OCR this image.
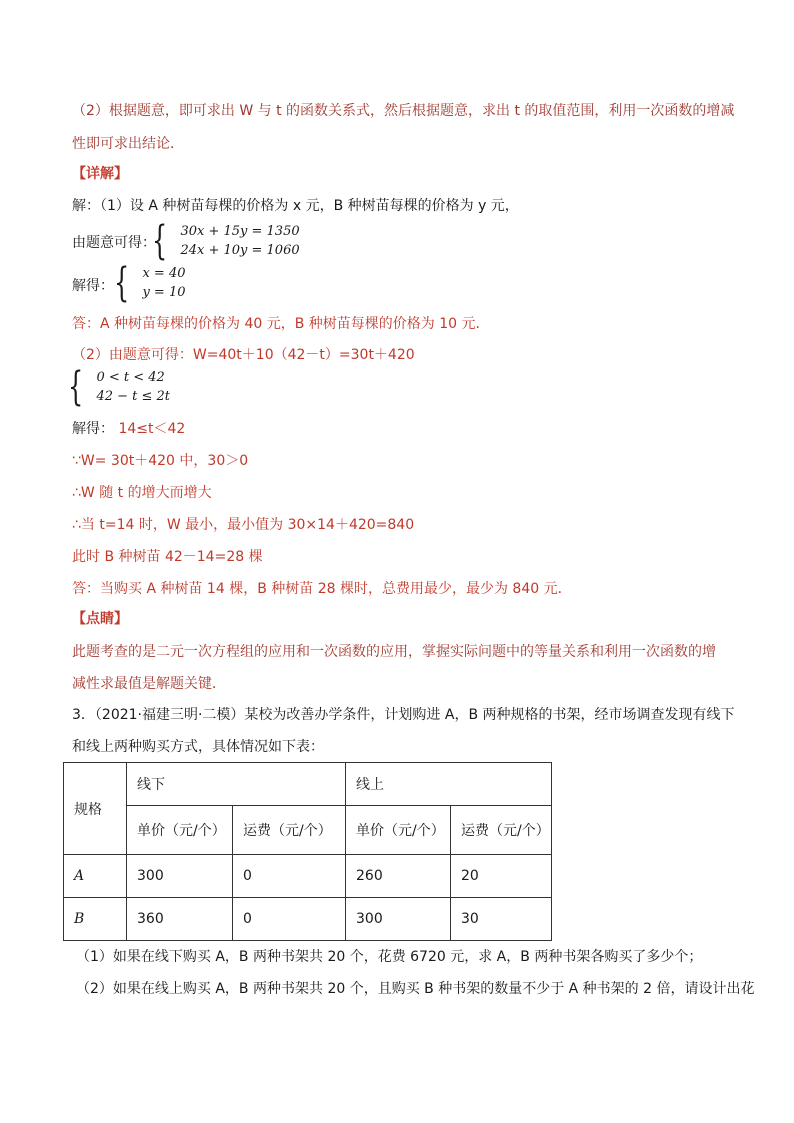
（2）根据题意，即可求出 W 与 t 的函数关系式，然后根据题意，求出 t 的取值范围，利用一次函数的增减
性即可求出结论．
【详解】
解：（1）设 A 种树苗每棵的价格为 x 元，B 种树苗每棵的价格为 y 元，
由题意可得：
{ 30x + 15y = 1350
24x + 10y = 1060
解得： { x = 40
y = 10
答：A 种树苗每棵的价格为 40 元，B 种树苗每棵的价格为 10 元．
（2）由题意可得：W=40t＋10（42－t）=30t＋420
{ 0 < t < 42
42 − t ≤ 2t
解得： 14≤t＜42
∵W= 30t＋420 中，30＞0
∴W 随 t 的增大而增大
∴当 t=14 时，W 最小，最小值为 30×14＋420=840
此时 B 种树苗 42－14=28 棵
答：当购买 A 种树苗 14 棵，B 种树苗 28 棵时，总费用最少，最少为 840 元．
【点睛】
此题考查的是二元一次方程组的应用和一次函数的应用，掌握实际问题中的等量关系和利用一次函数的增
减性求最值是解题关键．
3．（2021·福建三明·二模）某校为改善办学条件，计划购进 A，B 两种规格的书架，经市场调查发现有线下
和线上两种购买方式，具体情况如下表：
规格	线下		线上	
	单价（元/个）	运费（元/个）	单价（元/个）	运费（元/个）
A	300	0	260	20
B	360	0	300	30
（1）如果在线下购买 A，B 两种书架共 20 个，花费 6720 元，求 A，B 两种书架各购买了多少个；
（2）如果在线上购买 A，B 两种书架共 20 个，且购买 B 种书架的数量不少于 A 种书架的 2 倍，请设计出花
